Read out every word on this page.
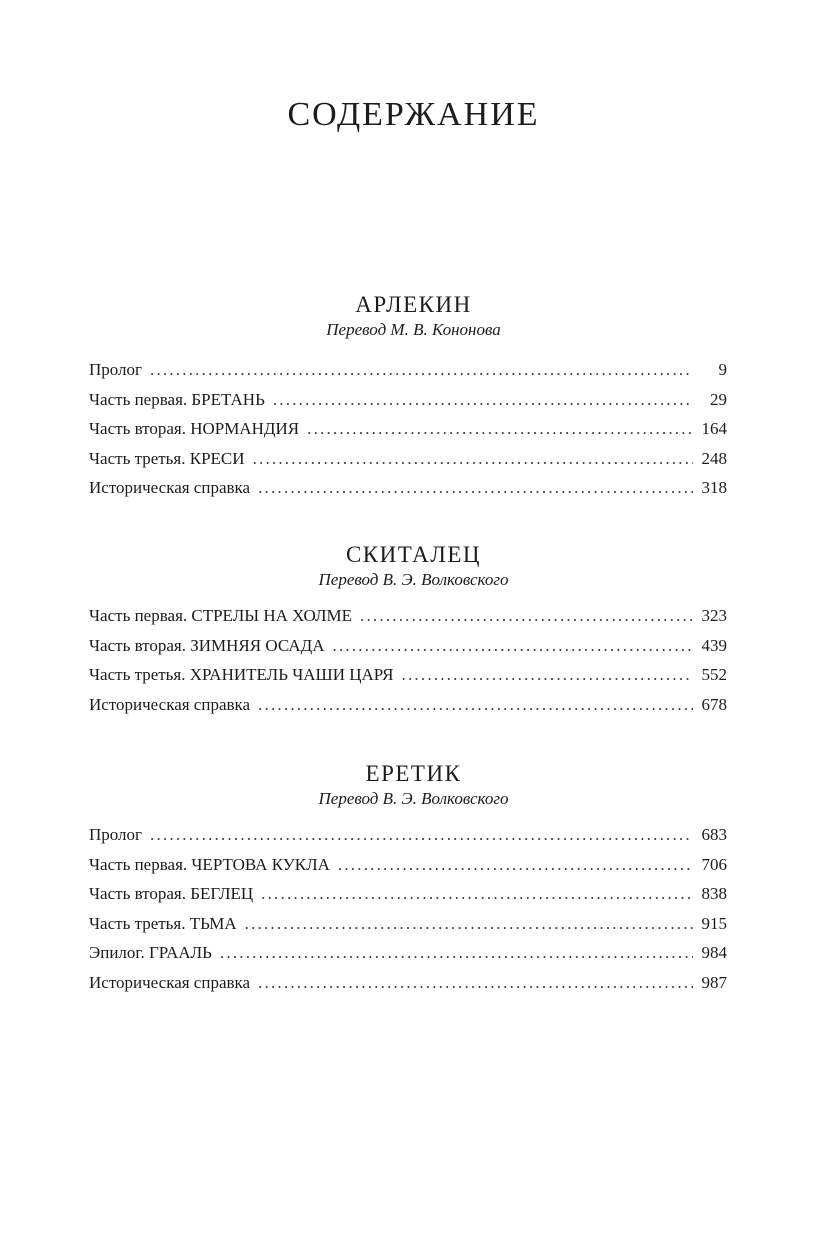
СОДЕРЖАНИЕ
АРЛЕКИН
Перевод М. В. Кононова
Пролог .....	9
Часть первая. БРЕТАНЬ .....	29
Часть вторая. НОРМАНДИЯ .....	164
Часть третья. КРЕСИ .....	248
Историческая справка .....	318
СКИТАЛЕЦ
Перевод В. Э. Волковского
Часть первая. СТРЕЛЫ НА ХОЛМЕ .....	323
Часть вторая. ЗИМНЯЯ ОСАДА .....	439
Часть третья. ХРАНИТЕЛЬ ЧАШИ ЦАРЯ .....	552
Историческая справка .....	678
ЕРЕТИК
Перевод В. Э. Волковского
Пролог .....	683
Часть первая. ЧЕРТОВА КУКЛА .....	706
Часть вторая. БЕГЛЕЦ .....	838
Часть третья. ТЬМА .....	915
Эпилог. ГРААЛЬ .....	984
Историческая справка .....	987
